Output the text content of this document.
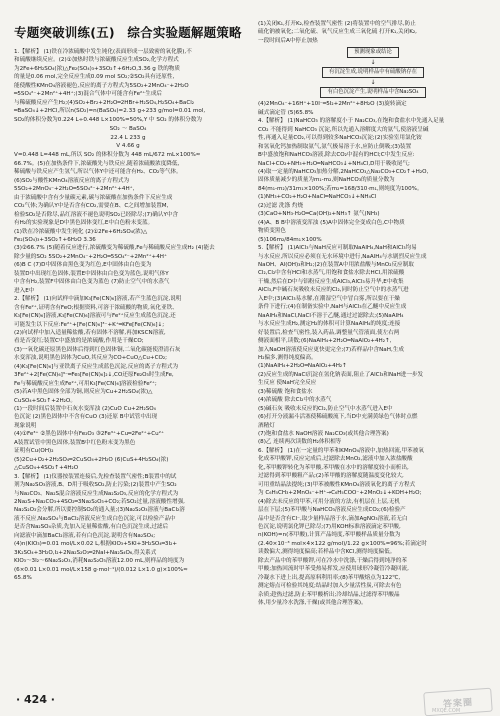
专题突破训练(五)　综合实验题解题策略
1.【解析】 (1)铁在冷浓硫酸中发生钝化(表面形成一层致密的氧化膜),不
和硫酸继续反应。(2)①加热时铁与浓硫酸反应生成SO₂,化学方程式
为2Fe+6H₂SO₄(浓)△Fe₂(SO₄)₃+3SO₂↑+6H₂O,3.36 g 铁的物质
的量是0.06 mol,完全反应生成0.09 mol SO₂;②SO₂具有还原性,
能使酸性KMnO₄溶液褪色,反应的离子方程式为5SO₂+2MnO₄⁻+2H₂O
═5SO₄²⁻+2Mn²⁺+4H⁺;(3)混合气体中可能含有Fe²⁺生成后
与稀硫酸反应产生H₂;(4)SO₂+Br₂+2H₂O═2HBr+H₂SO₄,H₂SO₄+BaCl₂
═BaSO₄↓+2HCl,所以n(SO₂)=n(BaSO₄)=2.33 g÷233 g/mol=0.01 mol,
SO₂的体积分数为0.224 L÷0.448 L×100%=50%,Y 中 SO₂ 的体积分数为
SO₂ ～ BaSO₄
22.4 L 233 g
V 4.66 g
V=0.448 L=448 mL,所以 SO₂ 的体积分数为 448 mL/672 mL×100%≈
66.7%。(5)在加热条件下,浓硫酸先与铁反应,随着浓硫酸浓度降低,
稀硫酸与铁反应产生氢气,所以气体Y中还可能含有H₂、CO₂等气体。
(6)SO₂与酸性KMnO₄溶液反应的离子方程式为
5SO₂+2MnO₄⁻+2H₂O═5SO₄²⁻+2Mn²⁺+4H⁺,
由于浓硫酸中含有少量碳元素,碳与浓硫酸在加热条件下反应生成
CO₂气体;为确认Y中是否含有CO₂,需要在B、C之间增加装置M,
检验SO₂是否除尽,品红溶液不褪色说明SO₂已经除尽;(7)确认Y中含
有H₂的实验现象是D中黑色固体变红,E中白色粉末变蓝。
(1)铁在冷浓硫酸中发生钝化 (2)①2Fe+6H₂SO₄(浓)△
Fe₂(SO₄)₃+3SO₂↑+6H₂O 3.36
(3)②66.7% (5)随着反应进行,浓硫酸变为稀硫酸,Fe与稀硫酸反应生成H₂ (4)能去
除少量的SO₂ 5SO₂+2MnO₄⁻+2H₂O═5SO₄²⁻+2Mn²⁺+4H⁺
(6)B C (7)D中固体由黑色变为红色,E中固体由白色变为
装置D中出现红色固体,装置E中固体由白色变为蓝色,说明气体Y
中含有H₂,装置F中固体由白色变为蓝色 (7)防止空气中的水蒸气
进入E中
2.【解析】 (1)向试样中滴加K₃[Fe(CN)₆]溶液,若产生蓝色沉淀,说明
含有Fe²⁺,证明含有FeO;根据资料,可溶于浓硫酸的物质,氧化亚铁、
K₃[Fe(CN)₆]溶液,K₃[Fe(CN)₆]溶液可与Fe²⁺反应生成蓝色沉淀,还
可能发生以下反应:Fe²⁺+[Fe(CN)₆]³⁻+K⁺═KFe[Fe(CN)₆]↓;
(2)向试样中加入适量稀盐酸,若有固体不溶解,再加KSCN溶液,
看是否变红;装置C中盛放的是浓硫酸,作用是干燥CO;
(3)一氧化碳还原黑色固体后得到红色固体铜,二氧化碳能使澄清石灰
水变浑浊,说明黑色固体为CuO,其反应为CO+CuO△Cu+CO₂;
(4)K₃[Fe(CN)₆]与亚铁离子反应生成蓝色沉淀,反应的离子方程式为
3Fe²⁺+2[Fe(CN)₆]³⁻═Fe₃[Fe(CN)₆]₂↓,CO还原Fe₂O₃时生成Fe,
Fe与稀硫酸反应生成Fe²⁺,可用K₃[Fe(CN)₆]溶液检验Fe²⁺;
(5)若A中黑色固体全部为铜,则反应为Cu+2H₂SO₄(浓)△
CuSO₄+SO₂↑+2H₂O。
(1)一段时间后装置中石灰水变浑浊 (2)CuO Cu+2H₂SO₄
色沉淀 (2)黑色固体中不含有CuO (3)还原 B中试管中出现
现象说明
(4)①Fe³⁺ ②黑色固体中有Fe₂O₃ ③2Fe³⁺+Cu═2Fe²⁺+Cu²⁺
A装置试管中黑色固体,装置B中红色粉末变为黑色
证明有Cu(OH)₂
(5)2Cu+O₂+2H₂SO₄═2CuSO₄+2H₂O (6)CuS+4H₂SO₄(浓)
△CuSO₄+4SO₂↑+4H₂O
3.【解析】 (1)仪器按装置连接后,先检查装置气密性;B装置中的试
剂为Na₂SO₃溶液,B、D用于吸收SO₂,防止污染;(2)装置中产生SO₂
与Na₂CO₃、Na₂S混合溶液反应生成Na₂S₂O₃,反应的化学方程式为
2Na₂S+Na₂CO₃+4SO₂═3Na₂S₂O₃+CO₂;若SO₂过量,溶液酸性增强,
Na₂S₂O₃会分解,所以要控制SO₂的通入量;(3)Na₂S₂O₃溶液与BaCl₂溶
液不反应,Na₂SO₄与BaCl₂溶液反应生成白色沉淀,可以检验产品中
是否含Na₂SO₄杂质,先加入足量稀盐酸,有白色沉淀生成,过滤后
向滤液中滴加BaCl₂溶液,若有白色沉淀,说明含有Na₂SO₄;
(4)n(KIO₃)=0.01 mol/L×0.02 L,根据KIO₃+5KI+3H₂SO₄═3I₂+
3K₂SO₄+3H₂O,I₂+2Na₂S₂O₃═2NaI+Na₂S₄O₆,得关系式
KIO₃～3I₂～6Na₂S₂O₃,消耗Na₂S₂O₃溶液12.00 mL,则样品的纯度为
(6×0.01 L×0.01 mol/L×158 g·mol⁻¹)/(0.012 L×1.0 g)×100%≈
65.8%
(1)关闭K₁,打开K₂,检查装置气密性 (2)将装置中的空气排尽,防止
硫化钠被氧化;二氧化硫、氧气反应生成三氧化硫 打开K₁,关闭K₂,
一段时间后A中停止加热
预测现象或结论
↓
有沉淀生成,说明样品中有硫酸钠存在
↓
有白色沉淀产生,说明样品中含Na₂SO₄
(4)2MnO₄⁻+16H⁺+10I⁻═5I₂+2Mn²⁺+8H₂O (3)旋转滴定
碱式滴定管 (5)65.8%
4.【解析】 (1)NaHCO₃ 的溶解度小于 Na₂CO₃,在饱和食盐水中先通入足量
CO₂ 不能得到 NaHCO₃ 沉淀,所以先通入溶解度大的氨气,使溶液呈碱
性,再通入足量CO₂,可以得到较多NaHCO₃沉淀;(2)实验室用氯化铵
和氢氧化钙加热制取氨气,氨气极易溶于水,应防止倒吸;(3)装置
B中盛放饱和NaHCO₃溶液,除去CO₂中混有的HCl;C中发生反应:
NaCl+CO₂+NH₃+H₂O═NaHCO₃↓+NH₄Cl,D用于吸收尾气;
(4)取一定量的NaHCO₃加热分解,2NaHCO₃△Na₂CO₃+CO₂↑+H₂O,
固体质量减少的质量为m₁-m₂,则NaHCO₃的质量分数为
84(m₁-m₂)/31m₁×100%;若m₂=168/310·m₁,则纯度为100%。
(1)NH₃+CO₂+H₂O+NaCl═NaHCO₃↓+NH₄Cl
(2)过滤 洗涤 灼烧
(3)CaO+NH₃·H₂O═Ca(OH)₂+NH₃↑ 氨气(NH₃)
(4)A、B B中溶液变浑浊 (5)A中固体完全变成白色,C中物质
物质变黑色
(5)106m₂/84m₁×100%
5.【解析】 (1)AlCl₃与NaH反应可制取NaAlH₄,NaH和AlCl₃均易
与水反应,所以反应必须在无水环境中进行,NaAlH₄与水剧烈反应生成
NaOH、Al(OH)₃和H₂;(2)在装置A中用浓盐酸与MnO₂反应制取
Cl₂,Cl₂中含有HCl和水蒸气,用饱和食盐水除去HCl,用浓硫酸
干燥,然后在D中与铝粉反应生成AlCl₃,AlCl₃易升华,E中收集
AlCl₃,F中碱石灰吸收未反应的Cl₂,同时防止空气中的水蒸气进
入E中;(3)AlCl₃易水解,在潮湿空气中冒白雾,所以要在干燥
条件下进行;(4)在制备实验中,NaH与AlCl₃在乙醚中反应生成
NaAlH₄和NaCl,NaCl不溶于乙醚,通过过滤除去;(5)NaAlH₄
与水反应生成H₂,测定H₂的体积可计算NaAlH₄的纯度;连接
好装置后,检查气密性,装入药品,调整量气管液面,使左右两
侧液面相平,读数;(6)NaAlH₄+2H₂O═NaAlO₂+4H₂↑,
加入NaOH溶液使反应更快更完全;(7)若样品中含NaH,生成
H₂偏多,测得纯度偏高。
(1)NaAlH₄+2H₂O═NaAlO₂+4H₂↑
(2)反应生成的NaCl沉淀在氢化钠表面,阻止了AlCl₃和NaH进一步发
生反应 使NaH完全反应
(3)稀硫酸 饱和食盐水
(4)浓硫酸 除去Cl₂中的水蒸气
(5)碱石灰 吸收未反应的Cl₂,防止空气中水蒸气进入E中
(6)打开分液漏斗活塞使稀硫酸流下,当D中充满黄绿色气体时点燃
酒精灯
(7)饱和食盐水 NaOH溶液 Na₂CO₃(或其他合理答案)
(8)乙 连续两次读数的H₂体积相等
6.【解析】 (1)在一定量的甲苯和KMnO₄溶液中,加热回流,甲苯被氧
化成苯甲酸钾,反应完成后,过滤除去MnO₂,滤液中加入浓盐酸酸
化,苯甲酸钾转化为苯甲酸,苯甲酸在水中的溶解度较小而析出,
过滤得到苯甲酸粗产品;(2)苯甲酸的溶解度随温度变化较大,
可用重结晶法提纯;(3)甲苯被酸性KMnO₄溶液氧化的离子方程式
为 C₆H₅CH₃+2MnO₄⁻+H⁺→C₆H₅COO⁻+2MnO₂↓+KOH+H₂O;
(4)除去未反应的甲苯,可用分液的方法,有机层在上层,无机
层在下层;(5)苯甲酸与NaHCO₃溶液反应生成CO₂;(6)检验产
品中是否含有Cl⁻,取少量样品溶于水,滴加AgNO₃溶液,若无白
色沉淀,说明氯化钾已除尽;(7)用KOH标准溶液滴定苯甲酸,
n(KOH)=n(苯甲酸),计算产品纯度,苯甲酸样品质量分数为
(2.40×10⁻³ mol×4×122 g/mol)/1.22 g×100%=96%;若滴定时
读数偏大,测得纯度偏高;若样品中含KCl,测得纯度偏低。
除去产品中的苯甲酸钾,可在冷水中洗涤,干燥后得到纯净的苯
甲酸;加热回流时甲苯受热易挥发,应使用球形冷凝管冷凝回流,
冷凝水下进上出,提高原料利用率;(8)苯甲酸熔点为122℃,
测定熔点可检验其纯度;结晶时加入少量活性炭,可除去有色
杂质;趁热过滤,防止苯甲酸析出;冷却结晶,过滤得苯甲酸晶
体,用少量冷水洗涤,干燥(或其他合理答案)。
· 424 ·	答案圈
MXQE.COM
